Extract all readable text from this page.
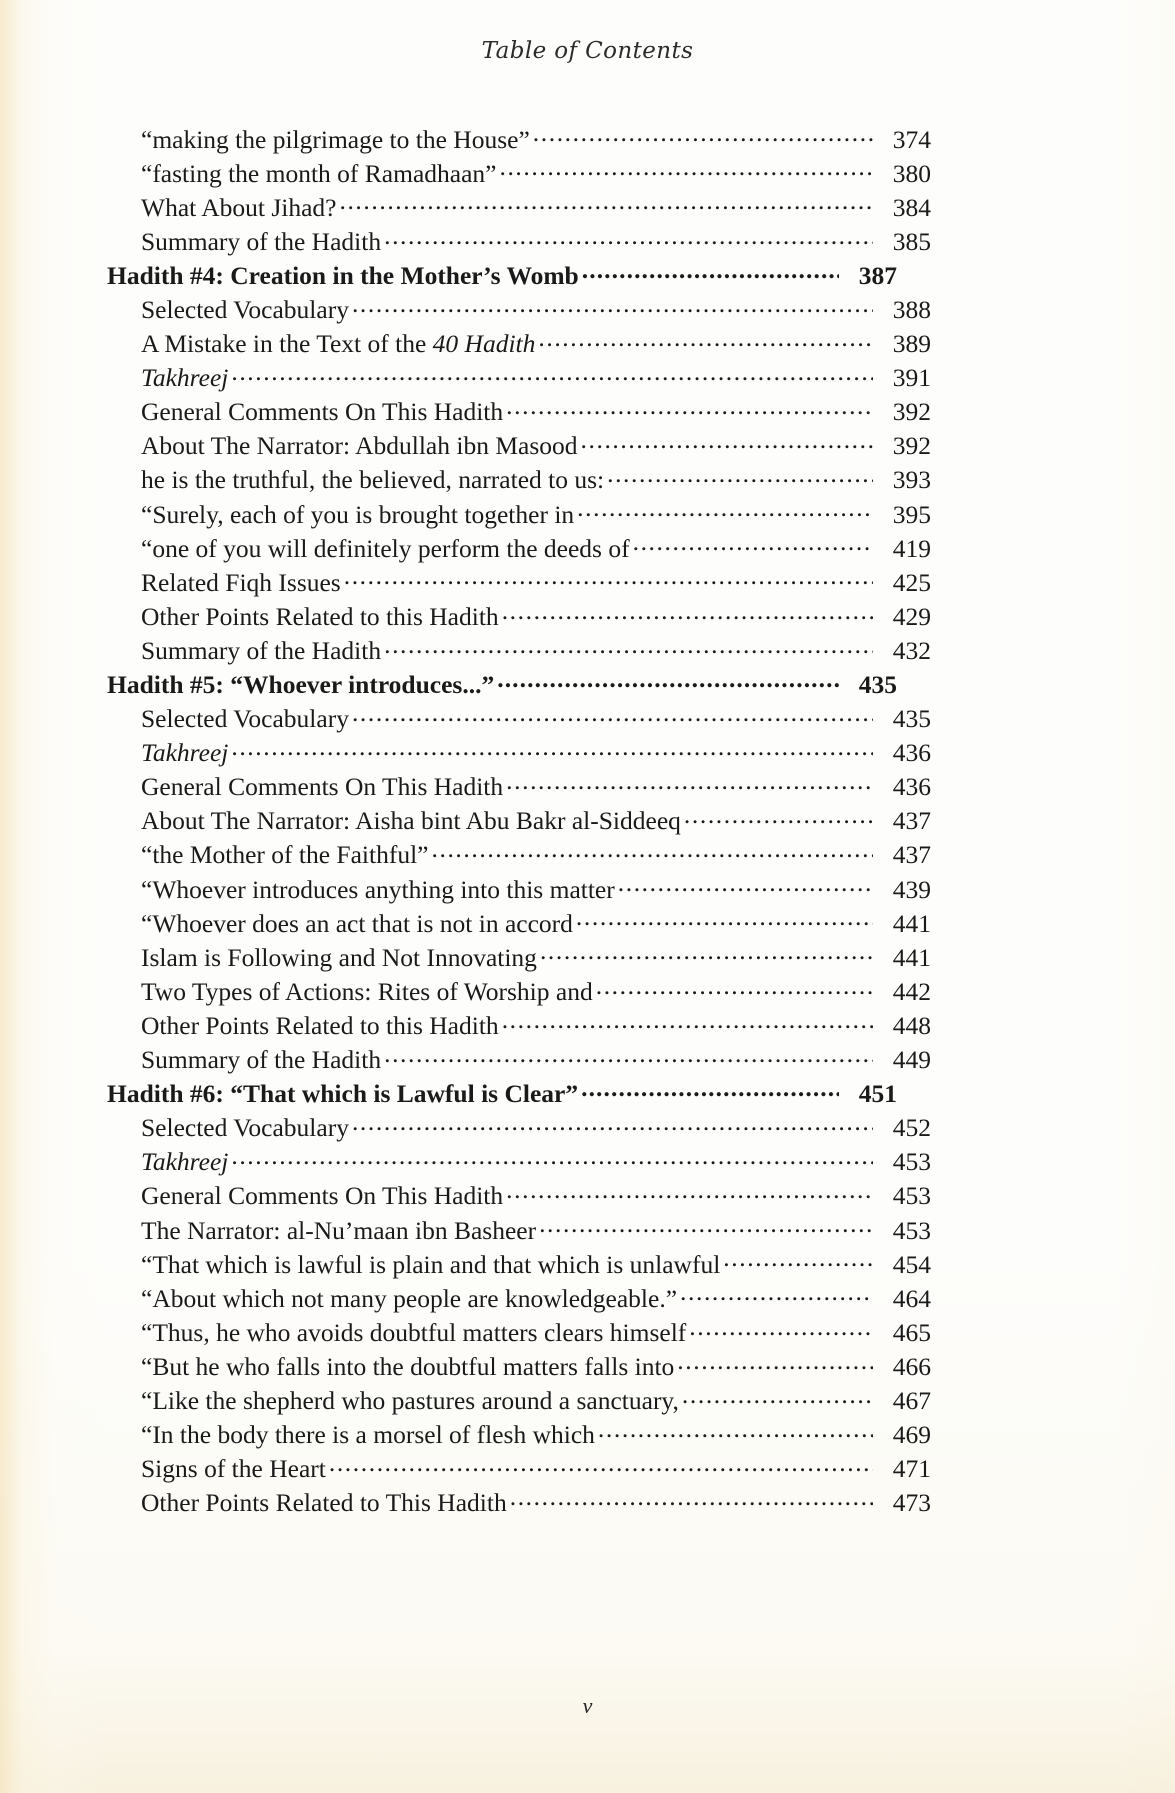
Table of Contents
“making the pilgrimage to the House” .....	374
“fasting the month of Ramadhaan” .....	380
What About Jihad? .....	384
Summary of the Hadith .....	385
Hadith #4: Creation in the Mother’s Womb .....	387
Selected Vocabulary .....	388
A Mistake in the Text of the 40 Hadith .....	389
Takhreej .....	391
General Comments On This Hadith .....	392
About The Narrator: Abdullah ibn Masood .....	392
he is the truthful, the believed, narrated to us: .....	393
“Surely, each of you is brought together in .....	395
“one of you will definitely perform the deeds of .....	419
Related Fiqh Issues .....	425
Other Points Related to this Hadith .....	429
Summary of the Hadith .....	432
Hadith #5: “Whoever introduces...” .....	435
Selected Vocabulary .....	435
Takhreej .....	436
General Comments On This Hadith .....	436
About The Narrator: Aisha bint Abu Bakr al-Siddeeq .....	437
“the Mother of the Faithful” .....	437
“Whoever introduces anything into this matter .....	439
“Whoever does an act that is not in accord .....	441
Islam is Following and Not Innovating .....	441
Two Types of Actions: Rites of Worship and .....	442
Other Points Related to this Hadith .....	448
Summary of the Hadith .....	449
Hadith #6: “That which is Lawful is Clear” .....	451
Selected Vocabulary .....	452
Takhreej .....	453
General Comments On This Hadith .....	453
The Narrator: al-Nu’maan ibn Basheer .....	453
“That which is lawful is plain and that which is unlawful .....	454
“About which not many people are knowledgeable.” .....	464
“Thus, he who avoids doubtful matters clears himself .....	465
“But he who falls into the doubtful matters falls into .....	466
“Like the shepherd who pastures around a sanctuary, .....	467
“In the body there is a morsel of flesh which .....	469
Signs of the Heart .....	471
Other Points Related to This Hadith .....	473
v
